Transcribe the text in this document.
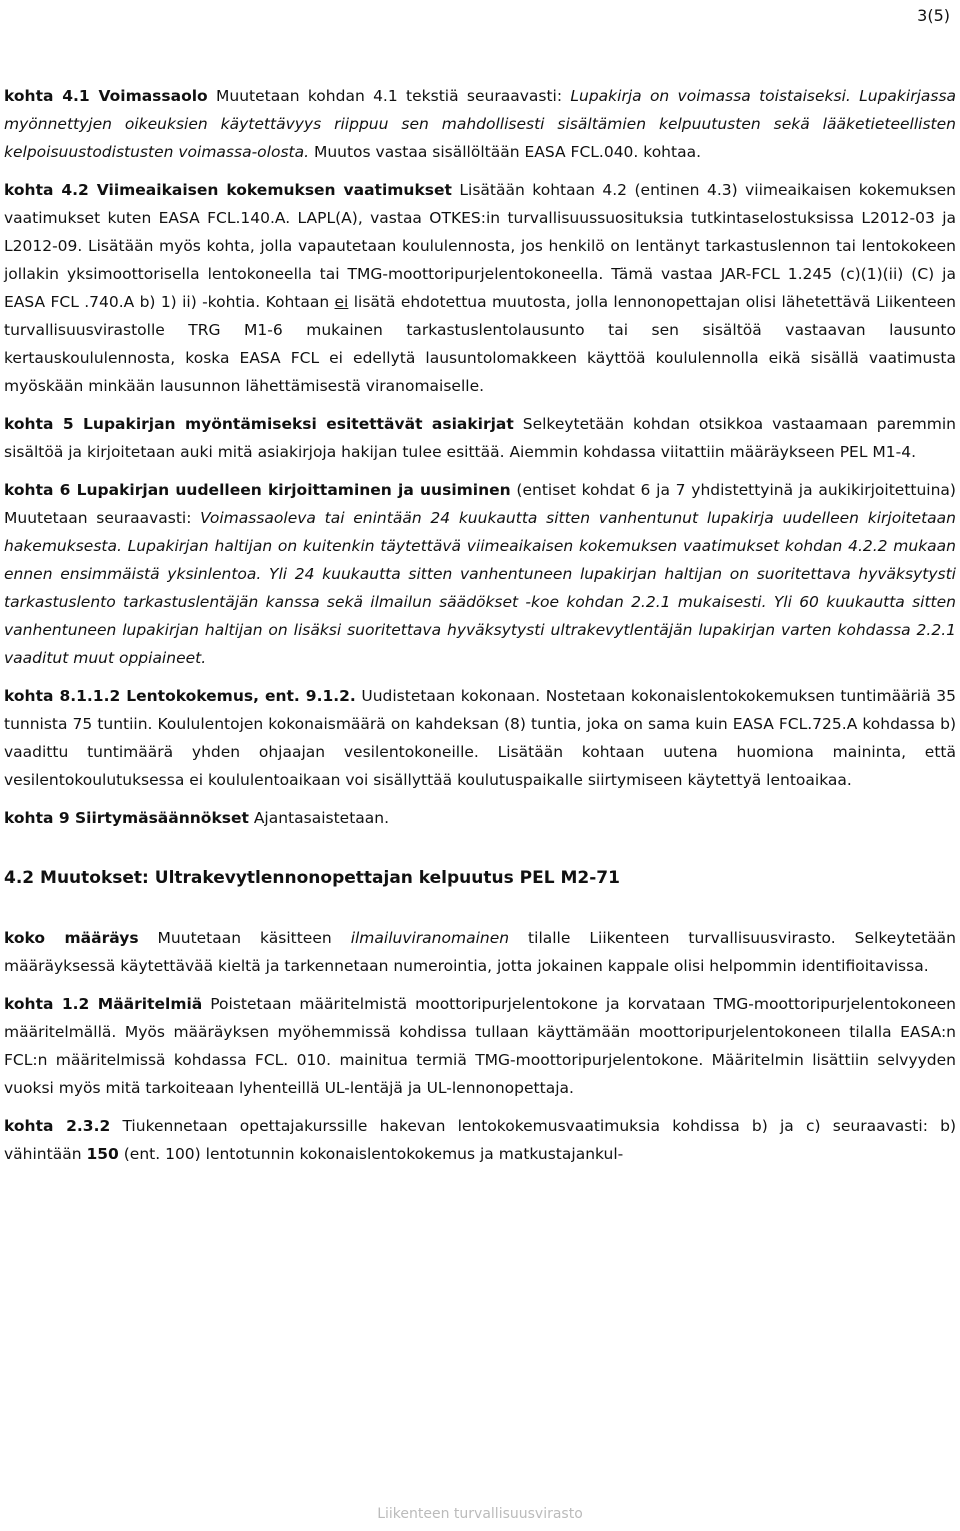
3(5)

kohta 4.1 Voimassaolo Muutetaan kohdan 4.1 tekstiä seuraavasti: Lupakirja on voimassa toistaiseksi. Lupakirjassa myönnettyjen oikeuksien käytettävyys riippuu sen mahdollisesti sisältämien kelpuutusten sekä lääketieteellisten kelpoisuustodistusten voimassa-olosta. Muutos vastaa sisällöltään EASA FCL.040. kohtaa.

kohta 4.2 Viimeaikaisen kokemuksen vaatimukset Lisätään kohtaan 4.2 (entinen 4.3) viimeaikaisen kokemuksen vaatimukset kuten EASA FCL.140.A. LAPL(A), vastaa OTKES:in turvallisuussuosituksia tutkintaselostuksissa L2012-03 ja L2012-09. Lisätään myös kohta, jolla vapautetaan koululennosta, jos henkilö on lentänyt tarkastuslennon tai lentokokeen jollakin yksimoottorisella lentokoneella tai TMG-moottoripurjelentokoneella. Tämä vastaa JAR-FCL 1.245 (c)(1)(ii) (C) ja EASA FCL .740.A b) 1) ii) -kohtia. Kohtaan ei lisätä ehdotettua muutosta, jolla lennonopettajan olisi lähetettävä Liikenteen turvallisuusvirastolle TRG M1-6 mukainen tarkastuslentolausunto tai sen sisältöä vastaavan lausunto kertauskoululennosta, koska EASA FCL ei edellytä lausuntolomakkeen käyttöä koululennolla eikä sisällä vaatimusta myöskään minkään lausunnon lähettämisestä viranomaiselle.

kohta 5 Lupakirjan myöntämiseksi esitettävät asiakirjat Selkeytetään kohdan otsikkoa vastaamaan paremmin sisältöä ja kirjoitetaan auki mitä asiakirjoja hakijan tulee esittää. Aiemmin kohdassa viitattiin määräykseen PEL M1-4.

kohta 6 Lupakirjan uudelleen kirjoittaminen ja uusiminen (entiset kohdat 6 ja 7 yhdistettyinä ja aukikirjoitettuina) Muutetaan seuraavasti: Voimassaoleva tai enintään 24 kuukautta sitten vanhentunut lupakirja uudelleen kirjoitetaan hakemuksesta. Lupakirjan haltijan on kuitenkin täytettävä viimeaikaisen kokemuksen vaatimukset kohdan 4.2.2 mukaan ennen ensimmäistä yksinlentoa. Yli 24 kuukautta sitten vanhentuneen lupakirjan haltijan on suoritettava hyväksytysti tarkastuslento tarkastuslentäjän kanssa sekä ilmailun säädökset -koe kohdan 2.2.1 mukaisesti. Yli 60 kuukautta sitten vanhentuneen lupakirjan haltijan on lisäksi suoritettava hyväksytysti ultrakevytlentäjän lupakirjan varten kohdassa 2.2.1 vaaditut muut oppiaineet.

kohta 8.1.1.2 Lentokokemus, ent. 9.1.2. Uudistetaan kokonaan. Nostetaan kokonaislentokokemuksen tuntimääriä 35 tunnista 75 tuntiin. Koululentojen kokonaismäärä on kahdeksan (8) tuntia, joka on sama kuin EASA FCL.725.A kohdassa b) vaadittu tuntimäärä yhden ohjaajan vesilentokoneille. Lisätään kohtaan uutena huomiona maininta, että vesilentokoulutuksessa ei koululentoaikaan voi sisällyttää koulutuspaikalle siirtymiseen käytettyä lentoaikaa.

kohta 9 Siirtymäsäännökset Ajantasaistetaan.

4.2 Muutokset: Ultrakevytlennonopettajan kelpuutus PEL M2-71

koko määräys Muutetaan käsitteen ilmailuviranomainen tilalle Liikenteen turvallisuusvirasto. Selkeytetään määräyksessä käytettävää kieltä ja tarkennetaan numerointia, jotta jokainen kappale olisi helpommin identifioitavissa.

kohta 1.2 Määritelmiä Poistetaan määritelmistä moottoripurjelentokone ja korvataan TMG-moottoripurjelentokoneen määritelmällä. Myös määräyksen myöhemmissä kohdissa tullaan käyttämään moottoripurjelentokoneen tilalla EASA:n FCL:n määritelmissä kohdassa FCL. 010. mainitua termiä TMG-moottoripurjelentokone. Määritelmin lisättiin selvyyden vuoksi myös mitä tarkoiteaan lyhenteillä UL-lentäjä ja UL-lennonopettaja.

kohta 2.3.2 Tiukennetaan opettajakurssille hakevan lentokokemusvaatimuksia kohdissa b) ja c) seuraavasti: b) vähintään 150 (ent. 100) lentotunnin kokonaislentokokemus ja matkustajankul-

Liikenteen turvallisuusvirasto
